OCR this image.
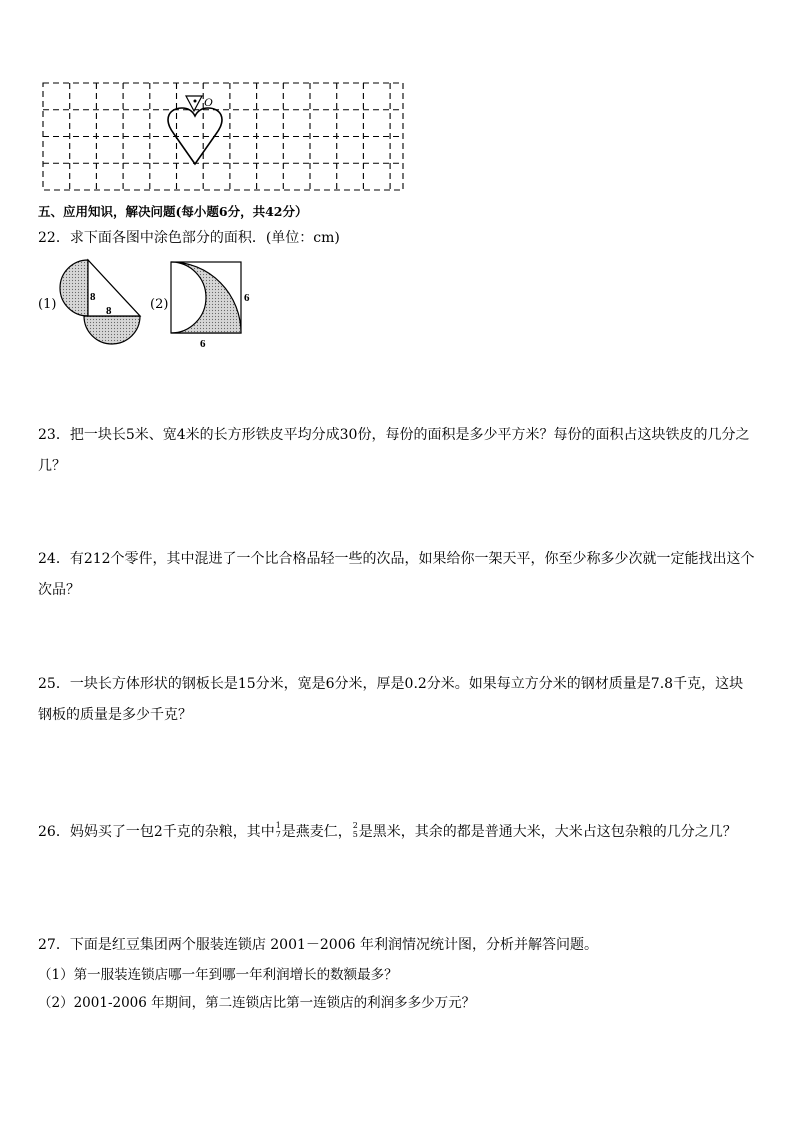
O
五、应用知识，解决问题(每小题6分，共42分）
22．求下面各图中涂色部分的面积．(单位：cm)
(1)	8
8	(2)	6
6
23．把一块长5米、宽4米的长方形铁皮平均分成30份，每份的面积是多少平方米？每份的面积占这块铁皮的几分之
几？
24．有212个零件，其中混进了一个比合格品轻一些的次品，如果给你一架天平，你至少称多少次就一定能找出这个
次品？
25．一块长方体形状的钢板长是15分米，宽是6分米，厚是0.2分米。如果每立方分米的钢材质量是7.8千克，这块
钢板的质量是多少千克？
26．妈妈买了一包2千克的杂粮，其中 1
7 是燕麦仁， 2
5 是黑米，其余的都是普通大米，大米占这包杂粮的几分之几？
27．下面是红豆集团两个服装连锁店 2001－2006 年利润情况统计图，分析并解答问题。
（1）第一服装连锁店哪一年到哪一年利润增长的数额最多？
（2）2001-2006 年期间，第二连锁店比第一连锁店的利润多多少万元？
